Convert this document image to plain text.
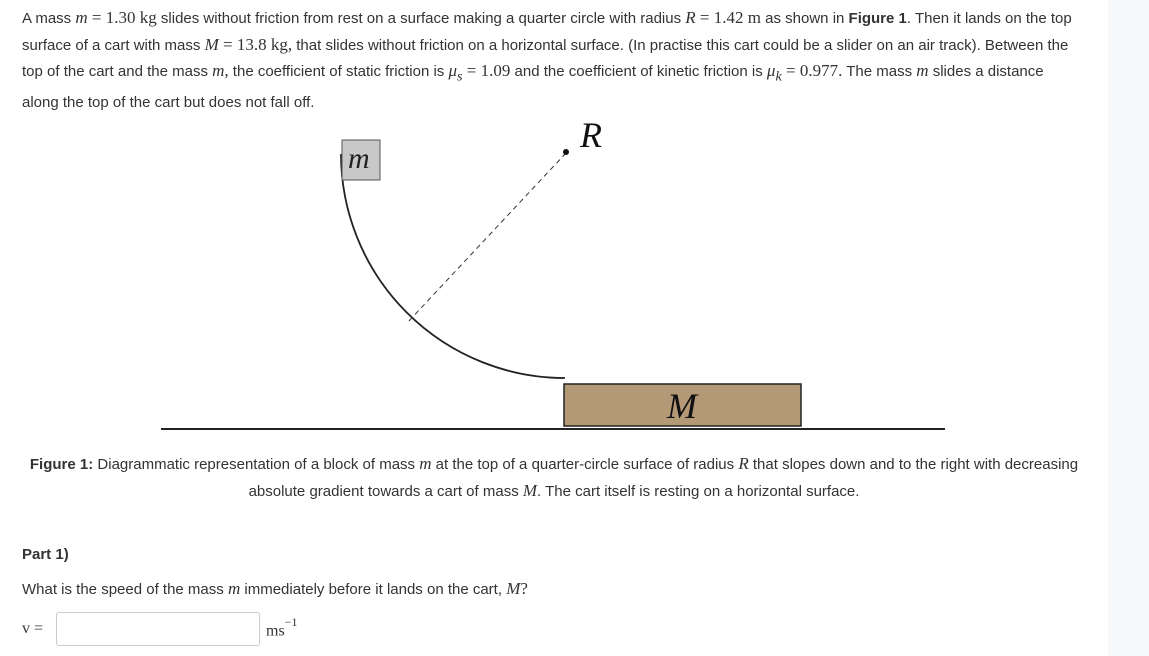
A mass m = 1.30 kg slides without friction from rest on a surface making a quarter circle with radius R = 1.42 m as shown in Figure 1. Then it lands on the top surface of a cart with mass M = 13.8 kg, that slides without friction on a horizontal surface. (In practise this cart could be a slider on an air track). Between the top of the cart and the mass m, the coefficient of static friction is $\mu_s = 1.09$ and the coefficient of kinetic friction is $\mu_k = 0.977$. The mass m slides a distance along the top of the cart but does not fall off.

R
m
M
Figure 1: Diagrammatic representation of a block of mass m at the top of a quarter-circle surface of radius R that slopes down and to the right with decreasing absolute gradient towards a cart of mass M. The cart itself is resting on a horizontal surface.
Part 1)
What is the speed of the mass m immediately before it lands on the cart, M?
v =	$ms^{-1}$
